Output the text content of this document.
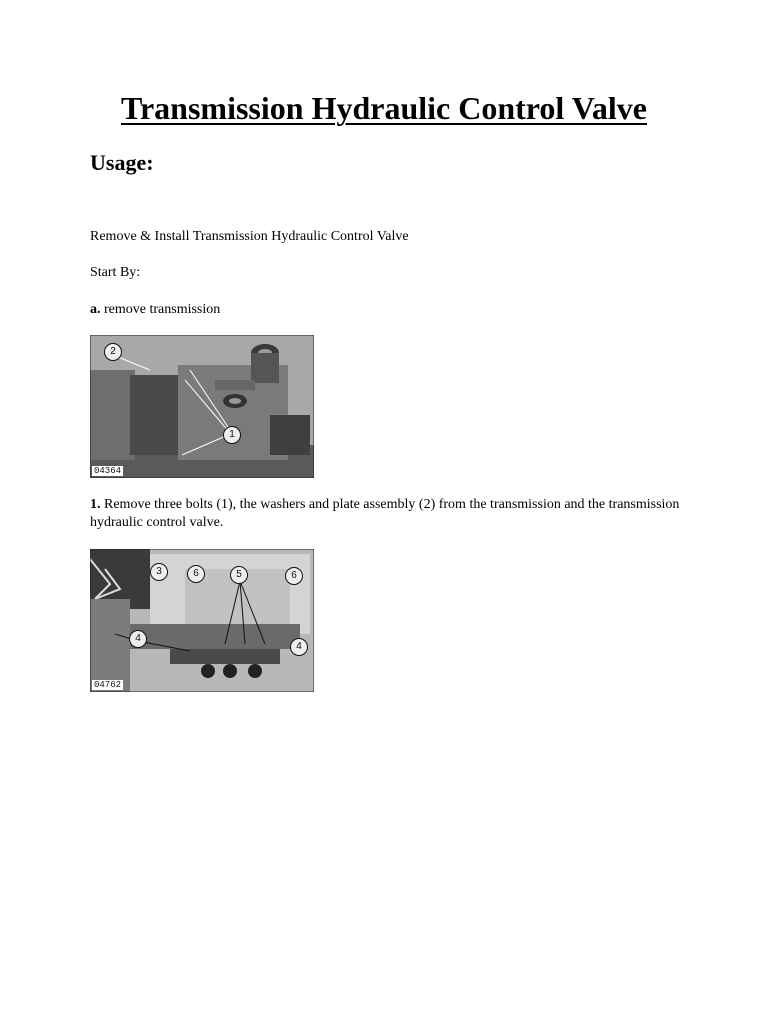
Transmission Hydraulic Control Valve
Usage:

Remove & Install Transmission Hydraulic Control Valve

Start By:

a. remove transmission

2
1
04364

1. Remove three bolts (1), the washers and plate assembly (2) from the transmission and the transmission hydraulic control valve.

3	6	5	6
4
4
04762
